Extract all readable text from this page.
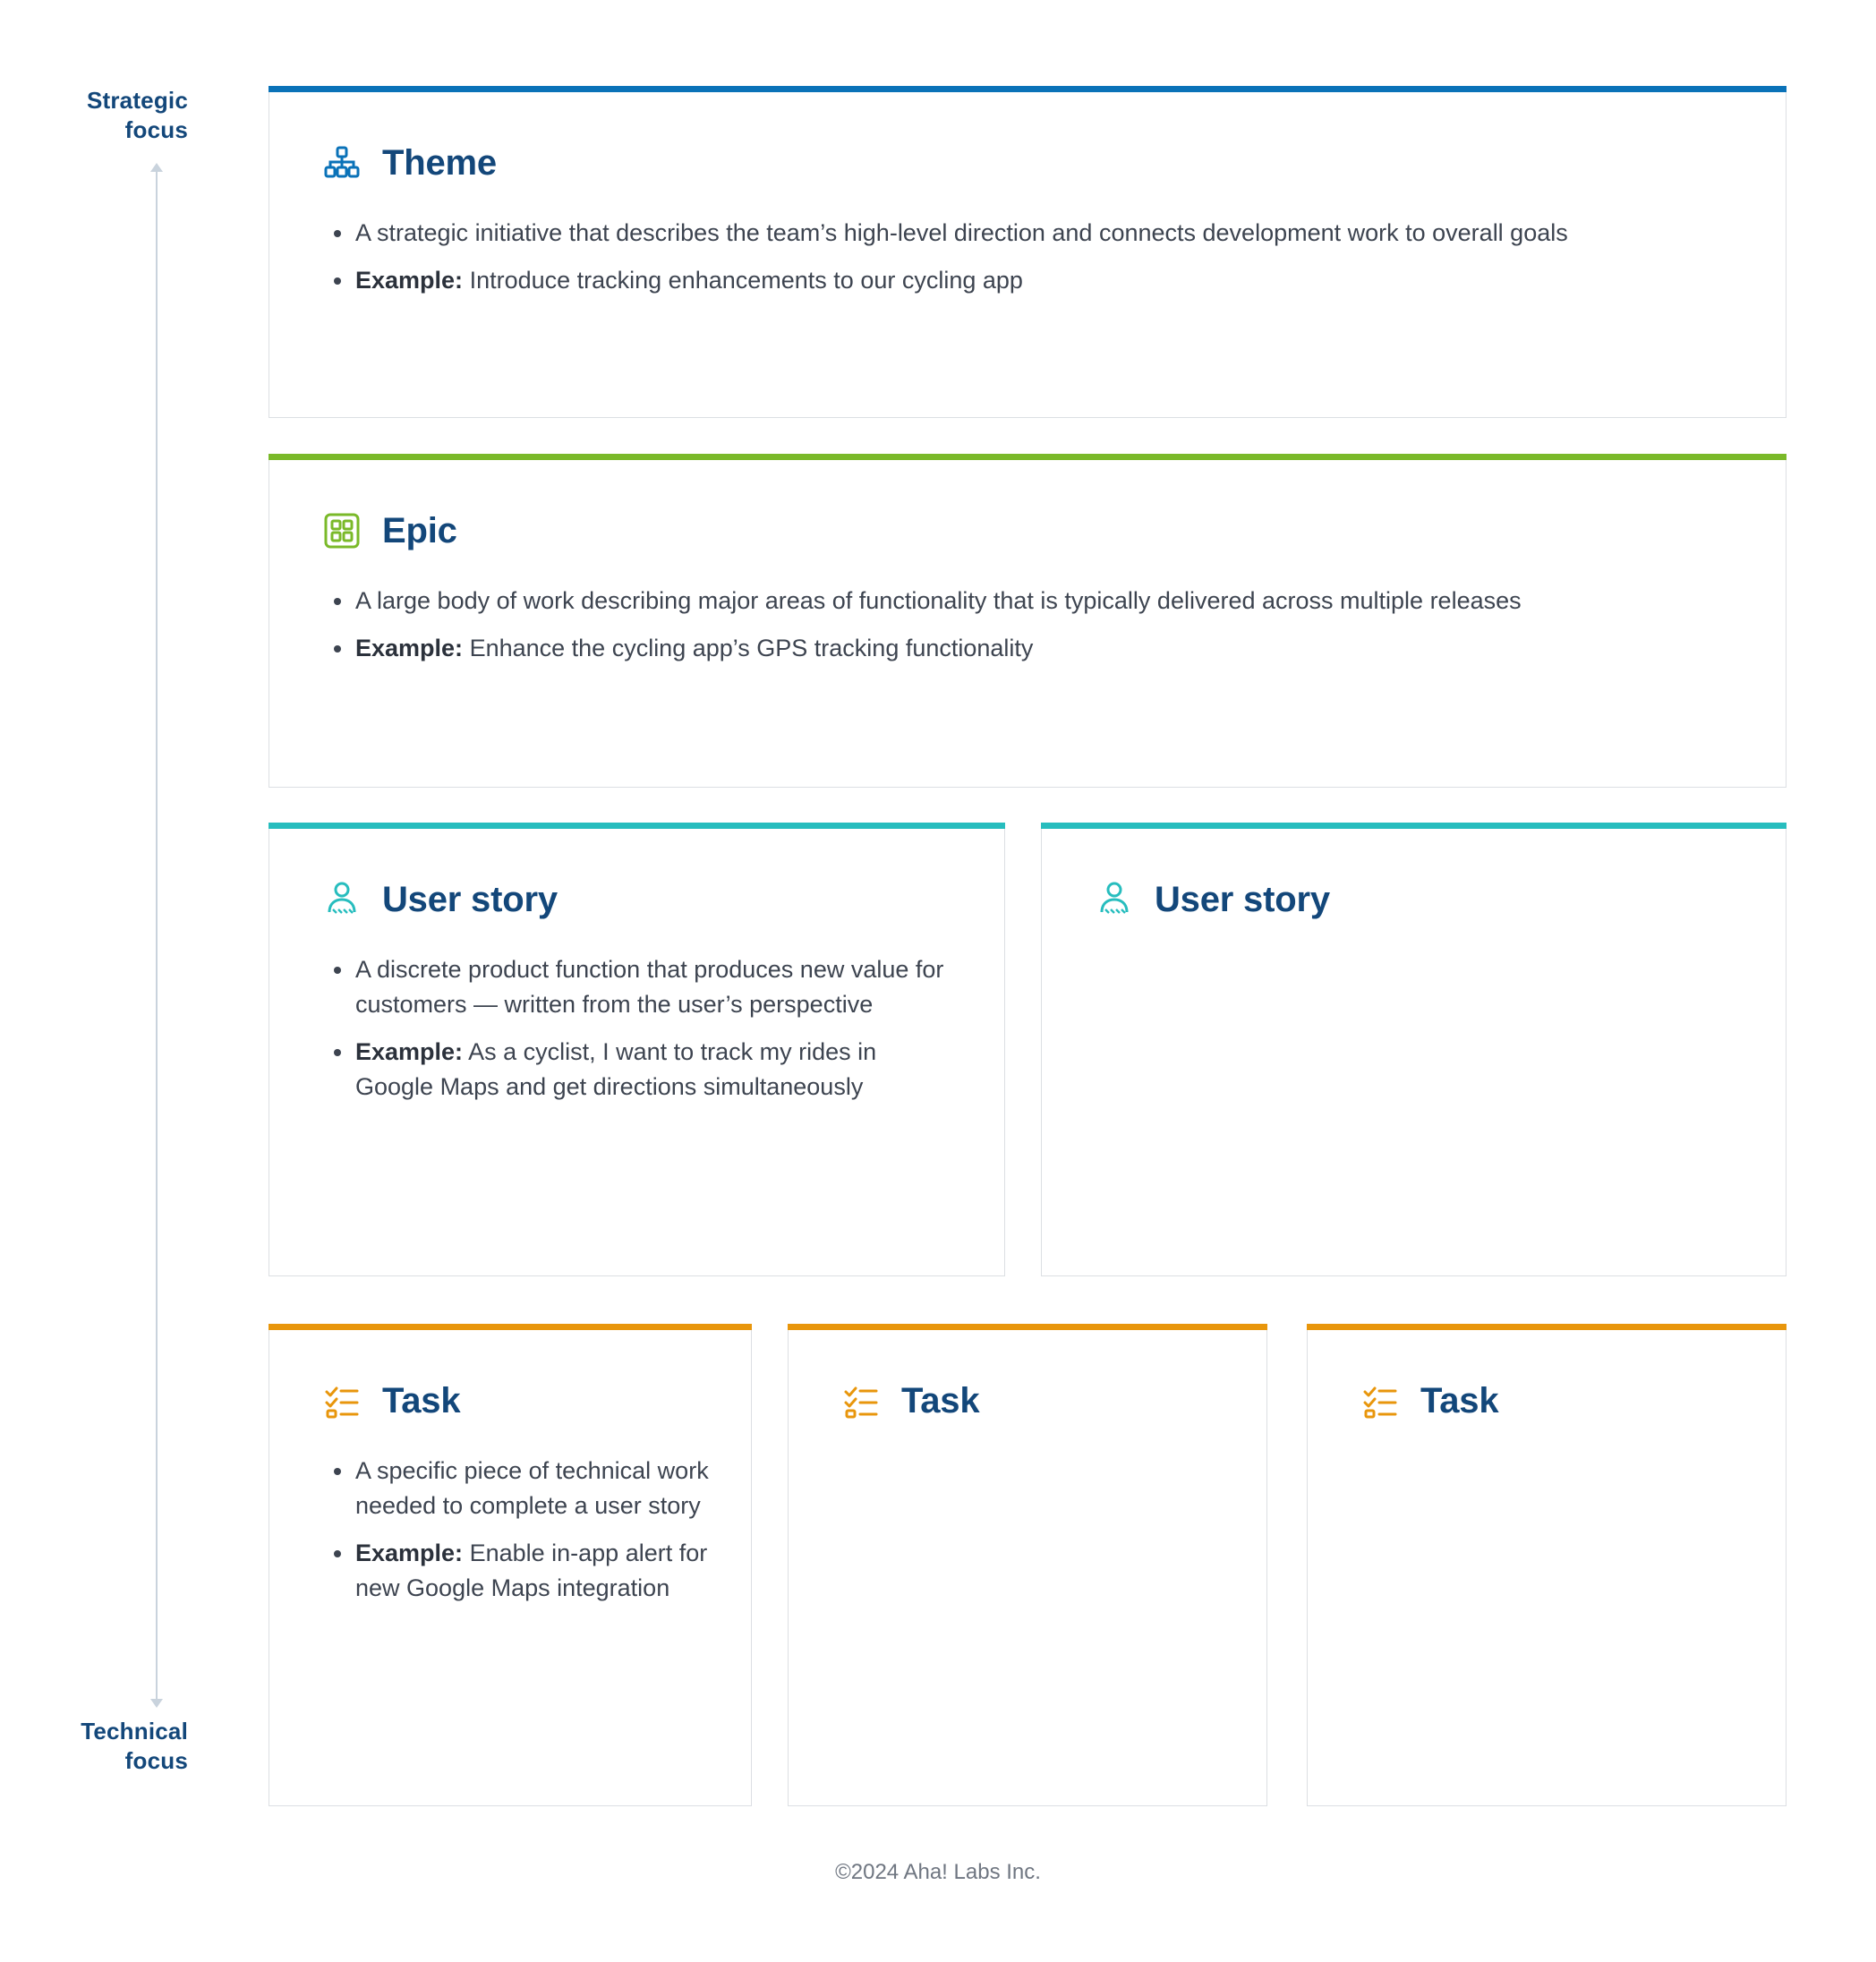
Strategic
focus
Technical
focus
Theme
A strategic initiative that describes the team’s high-level direction and connects development work to overall goals
Example: Introduce tracking enhancements to our cycling app
Epic
A large body of work describing major areas of functionality that is typically delivered across multiple releases
Example: Enhance the cycling app’s GPS tracking functionality
User story
A discrete product function that produces new value for customers — written from the user’s perspective
Example: As a cyclist, I want to track my rides in Google Maps and get directions simultaneously
User story
Task
A specific piece of technical work needed to complete a user story
Example: Enable in-app alert for new Google Maps integration
Task	Task
©2024 Aha! Labs Inc.
